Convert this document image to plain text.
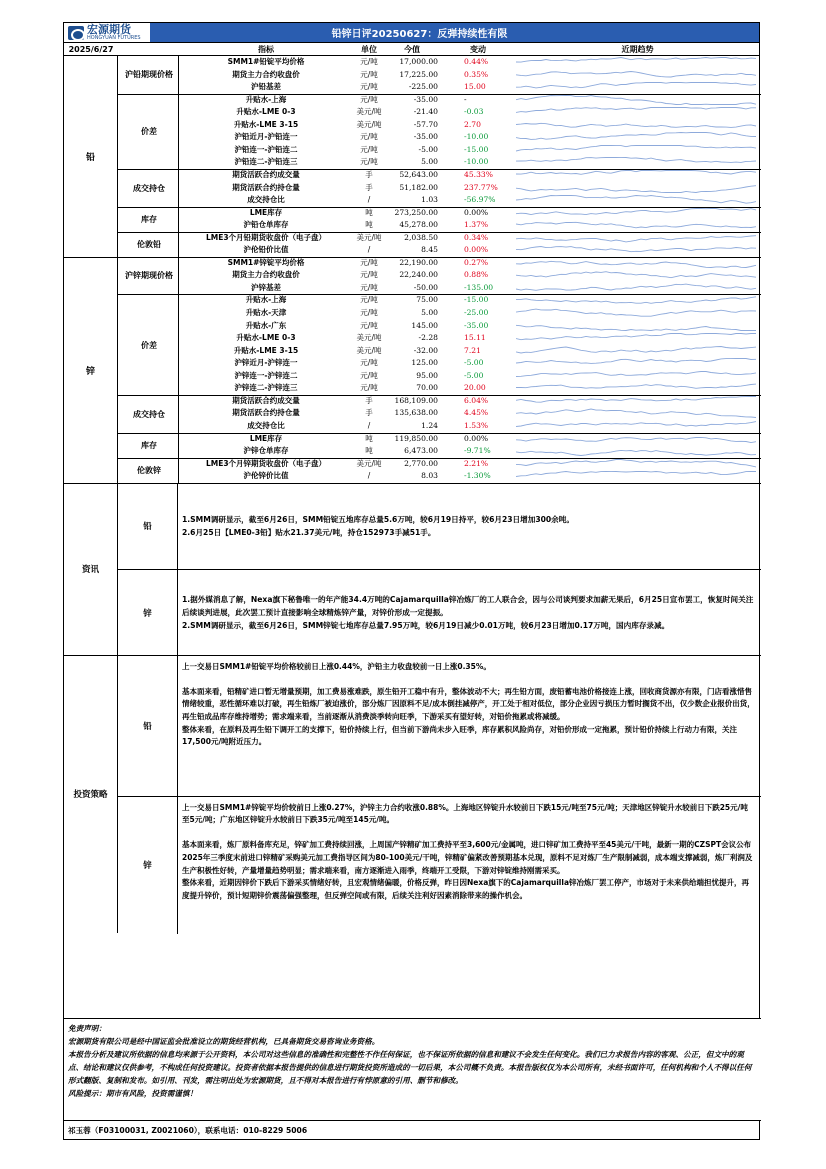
宏源期货
HONGYUAN FUTURES	铅锌日评20250627：反弹持续性有限
2025/6/27	指标	单位	今值	变动	近期趋势
SMM1#铅锭平均价格	元/吨	17,000.00	0.44%
期货主力合约收盘价	元/吨	17,225.00	0.35%
沪铅基差	元/吨	-225.00	15.00
沪铅期现价格
升贴水-上海	元/吨	-35.00	-
升贴水-LME 0-3	美元/吨	-21.40	-0.03
升贴水-LME 3-15	美元/吨	-57.70	2.70
沪铅近月-沪铅连一	元/吨	-35.00	-10.00
沪铅连一-沪铅连二	元/吨	-5.00	-15.00
沪铅连二-沪铅连三	元/吨	5.00	-10.00
价差
期货活跃合约成交量	手	52,643.00	45.33%
期货活跃合约持仓量	手	51,182.00	237.77%
成交持仓比	/	1.03	-56.97%
成交持仓
LME库存	吨	273,250.00	0.00%
沪铅仓单库存	吨	45,278.00	1.37%
库存
LME3个月铅期货收盘价（电子盘）	美元/吨	2,038.50	0.34%
沪伦铅价比值	/	8.45	0.00%
伦敦铅
铅
SMM1#锌锭平均价格	元/吨	22,190.00	0.27%
期货主力合约收盘价	元/吨	22,240.00	0.88%
沪锌基差	元/吨	-50.00	-135.00
沪锌期现价格
升贴水-上海	元/吨	75.00	-15.00
升贴水-天津	元/吨	5.00	-25.00
升贴水-广东	元/吨	145.00	-35.00
升贴水-LME 0-3	美元/吨	-2.28	15.11
升贴水-LME 3-15	美元/吨	-32.00	7.21
沪锌近月-沪锌连一	元/吨	125.00	-5.00
沪锌连一-沪锌连二	元/吨	95.00	-5.00
沪锌连二-沪锌连三	元/吨	70.00	20.00
价差
期货活跃合约成交量	手	168,109.00	6.04%
期货活跃合约持仓量	手	135,638.00	4.45%
成交持仓比	/	1.24	1.53%
成交持仓
LME库存	吨	119,850.00	0.00%
沪锌仓单库存	吨	6,473.00	-9.71%
库存
LME3个月锌期货收盘价（电子盘）	美元/吨	2,770.00	2.21%
沪伦锌价比值	/	8.03	-1.30%
伦敦锌
锌
资讯
铅
1.SMM调研显示，截至6月26日，SMM铅锭五地库存总量5.6万吨，较6月19日持平，较6月23日增加300余吨。
2.6月25日【LME0-3铅】贴水21.37美元/吨，持仓152973手减51手。
锌
1.据外媒消息了解，Nexa旗下秘鲁唯一的年产能34.4万吨的Cajamarquilla锌冶炼厂的工人联合会，因与公司谈判要求加薪无果后，6月25日宣布罢工，恢复时间关注后续谈判进展，此次罢工预计直接影响全球精炼锌产量，对锌价形成一定提振。
2.SMM调研显示，截至6月26日，SMM锌锭七地库存总量7.95万吨，较6月19日减少0.01万吨，较6月23日增加0.17万吨，国内库存录减。
投资策略
铅
上一交易日SMM1#铅锭平均价格较前日上涨0.44%，沪铅主力收盘较前一日上涨0.35%。

基本面来看，铅精矿进口暂无增量预期，加工费易涨难跌，原生铅开工稳中有升，整体波动不大；再生铅方面，废铅蓄电池价格接连上涨，回收商货源亦有限，门店看涨惜售情绪较重，恶性循环难以打破，再生铅炼厂被迫涨价，部分炼厂因原料不足/成本倒挂减停产，开工处于相对低位，部分企业因亏损压力暂时搁货不出，仅少数企业报价出货，再生铅成品库存维持增势；需求端来看，当前逐渐从消费淡季转向旺季，下游采买有望好转，对铅价拖累或将减缓。
整体来看，在原料及再生铅下调开工的支撑下，铅价持续上行，但当前下游尚未步入旺季，库存累积风险尚存，对铅价形成一定拖累，预计铅价持续上行动力有限，关注17,500元/吨附近压力。
锌
上一交易日SMM1#锌锭平均价较前日上涨0.27%，沪锌主力合约收涨0.88%。上海地区锌锭升水较前日下跌15元/吨至75元/吨；天津地区锌锭升水较前日下跌25元/吨至5元/吨；广东地区锌锭升水较前日下跌35元/吨至145元/吨。

基本面来看，炼厂原料备库充足，锌矿加工费持续回涨，上周国产锌精矿加工费持平至3,600元/金属吨，进口锌矿加工费持平至45美元/干吨，最新一期的CZSPT会议公布2025年三季度末前进口锌精矿采购美元加工费指导区间为80-100美元/干吨，锌精矿偏紧改善预期基本兑现，原料不足对炼厂生产限制减弱，成本端支撑减弱，炼厂利润及生产积极性好转，产量增量趋势明显；需求端来看，南方逐渐进入雨季，终端开工受限，下游对锌锭维持刚需采买。
整体来看，近期因锌价下跌后下游采买情绪好转，且宏观情绪偏暖，价格反弹，昨日因Nexa旗下的Cajamarquilla锌冶炼厂罢工停产，市场对于未来供给端担忧提升，再度提升锌价，预计短期锌价震荡偏强整理，但反弹空间或有限，后续关注利好因素消除带来的操作机会。
免责声明：
宏源期货有限公司是经中国证监会批准设立的期货经营机构，已具备期货交易咨询业务资格。
本报告分析及建议所依据的信息均来源于公开资料，本公司对这些信息的准确性和完整性不作任何保证，也不保证所依据的信息和建议不会发生任何变化。我们已力求报告内容的客观、公正，但文中的观点、结论和建议仅供参考，不构成任何投资建议。投资者依据本报告提供的信息进行期货投资所造成的一切后果，本公司概不负责。本报告版权仅为本公司所有，未经书面许可，任何机构和个人不得以任何形式翻版、复制和发布。如引用、刊发，需注明出处为宏源期货，且不得对本报告进行有悖原意的引用、删节和修改。
风险提示：期市有风险，投资需谨慎！
祁玉蓉（F03100031, Z0021060），联系电话：010-8229 5006
